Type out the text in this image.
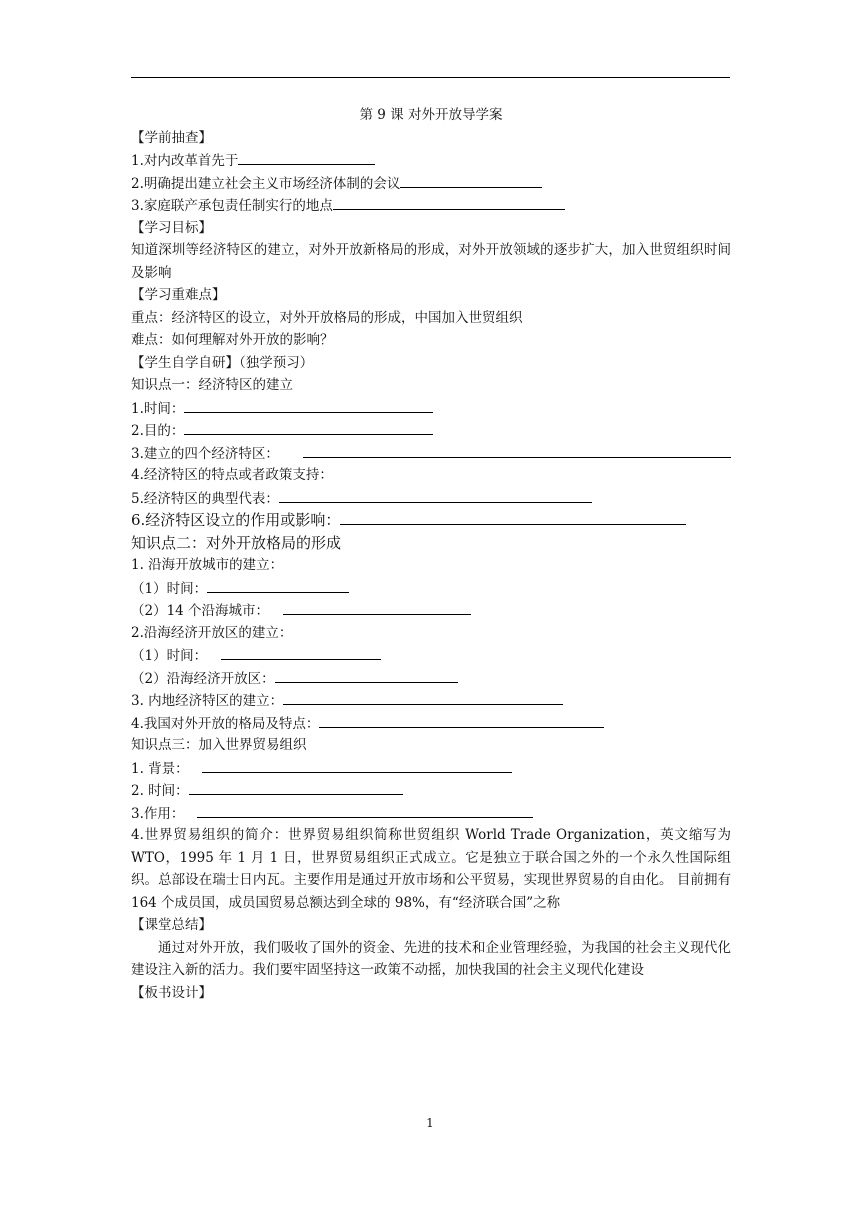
第 9 课 对外开放导学案
【学前抽查】
1.对内改革首先于
2.明确提出建立社会主义市场经济体制的会议
3.家庭联产承包责任制实行的地点
【学习目标】
知道深圳等经济特区的建立，对外开放新格局的形成，对外开放领域的逐步扩大，加入世贸组织时间及影响
【学习重难点】
重点：经济特区的设立，对外开放格局的形成，中国加入世贸组织
难点：如何理解对外开放的影响？
【学生自学自研】（独学预习）
知识点一：经济特区的建立
1.时间：
2.目的：
3.建立的四个经济特区：
4.经济特区的特点或者政策支持：
5.经济特区的典型代表：
6.经济特区设立的作用或影响：
知识点二：对外开放格局的形成
1. 沿海开放城市的建立：
（1）时间：
（2）14 个沿海城市：
2.沿海经济开放区的建立：
（1）时间：
（2）沿海经济开放区：
3. 内地经济特区的建立：
4.我国对外开放的格局及特点：
知识点三：加入世界贸易组织
1. 背景：
2. 时间：
3.作用：
4.世界贸易组织的简介：世界贸易组织简称世贸组织 World Trade Organization，英文缩写为 WTO，1995 年 1 月 1 日，世界贸易组织正式成立。它是独立于联合国之外的一个永久性国际组织。总部设在瑞士日内瓦。主要作用是通过开放市场和公平贸易，实现世界贸易的自由化。 目前拥有 164 个成员国，成员国贸易总额达到全球的 98%，有“经济联合国”之称
【课堂总结】
通过对外开放，我们吸收了国外的资金、先进的技术和企业管理经验，为我国的社会主义现代化建设注入新的活力。我们要牢固坚持这一政策不动摇，加快我国的社会主义现代化建设
【板书设计】
1
